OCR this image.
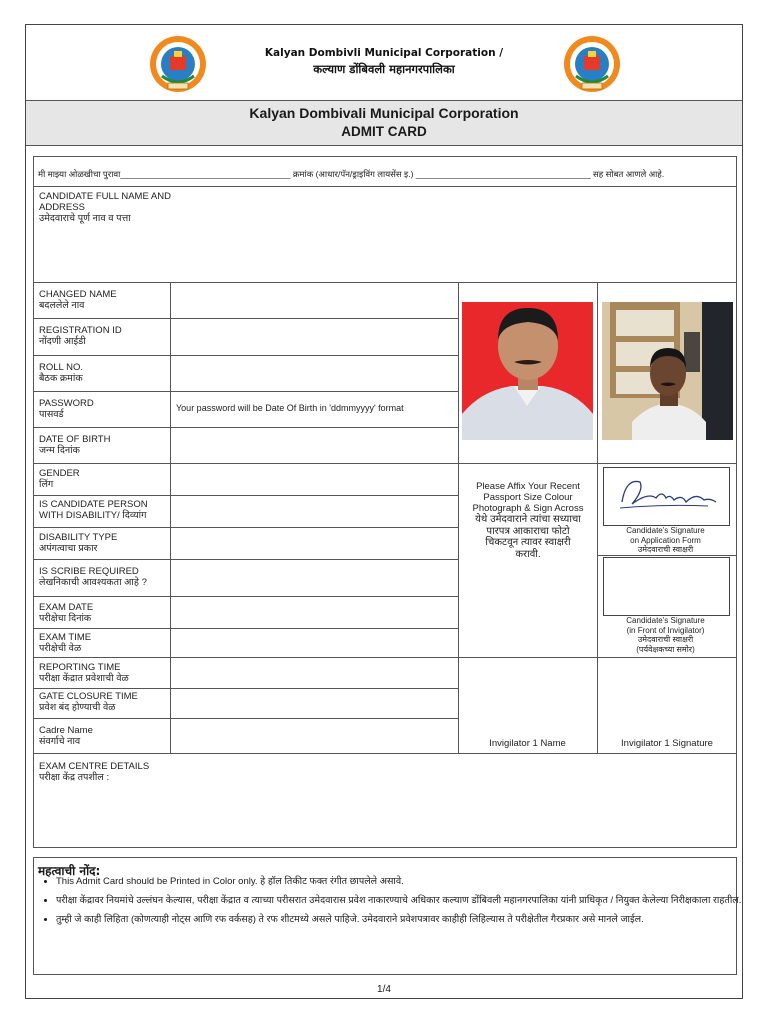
Kalyan Dombivli Municipal Corporation /
कल्याण डोंबिवली महानगरपालिका
Kalyan Dombivali Municipal Corporation
ADMIT CARD
मी माझ्या ओळखीचा पुरावा____________________________________ क्रमांक (आधार/पॅन/ड्राइविंग लायसेंस इ.) _____________________________________ सह सोबत आणले आहे.
CANDIDATE FULL NAME AND ADDRESS
उमेदवाराचे पूर्ण नाव व पत्ता
CHANGED NAME
बदललेले नाव
REGISTRATION ID
नोंदणी आईडी
ROLL NO.
बैठक क्रमांक
PASSWORD
पासवर्ड
Your password will be Date Of Birth in 'ddmmyyyy' format
DATE OF BIRTH
जन्म दिनांक
GENDER
लिंग
IS CANDIDATE PERSON WITH DISABILITY/ दिव्यांग
DISABILITY TYPE
अपंगत्वाचा प्रकार
IS SCRIBE REQUIRED
लेखनिकाची आवश्यकता आहे ?
EXAM DATE
परीक्षेचा दिनांक
EXAM TIME
परीक्षेची वेळ
REPORTING TIME
परीक्षा केंद्रात प्रवेशाची वेळ
GATE CLOSURE TIME
प्रवेश बंद होण्याची वेळ
Cadre Name
संवर्गाचे नाव
Please Affix Your Recent Passport Size Colour Photograph & Sign Across
येथे उमेदवाराने त्यांचा सध्याचा पारपत्र आकाराचा फोटो चिकटवून त्यावर स्वाक्षरी करावी.
Candidate's Signature
on Application Form
उमेदवाराची स्वाक्षरी
Candidate's Signature
(in Front of Invigilator)
उमेदवाराची स्वाक्षरी
(पर्यवेक्षकच्या समोर)
Invigilator 1 Name	Invigilator 1 Signature
EXAM CENTRE DETAILS
परीक्षा केंद्र तपशील :
महत्वाची नोंद:
• This Admit Card should be Printed in Color only. हे हॉल तिकीट फक्त रंगीत छापलेले असावे.
• परीक्षा केंद्रावर नियमांचे उल्लंघन केल्यास, परीक्षा केंद्रात व त्याच्या परीसरात उमेदवारास प्रवेश नाकारण्याचे अधिकार कल्याण डोंबिवली महानगरपालिका यांनी प्राधिकृत / नियुक्त केलेल्या निरीक्षकाला राहतील.
• तुम्ही जे काही लिहिता (कोणत्याही नोट्स आणि रफ वर्कसह) ते रफ शीटमध्ये असले पाहिजे. उमेदवाराने प्रवेशपत्रावर काहीही लिहिल्यास ते परीक्षेतील गैरप्रकार असे मानले जाईल.
1/4
